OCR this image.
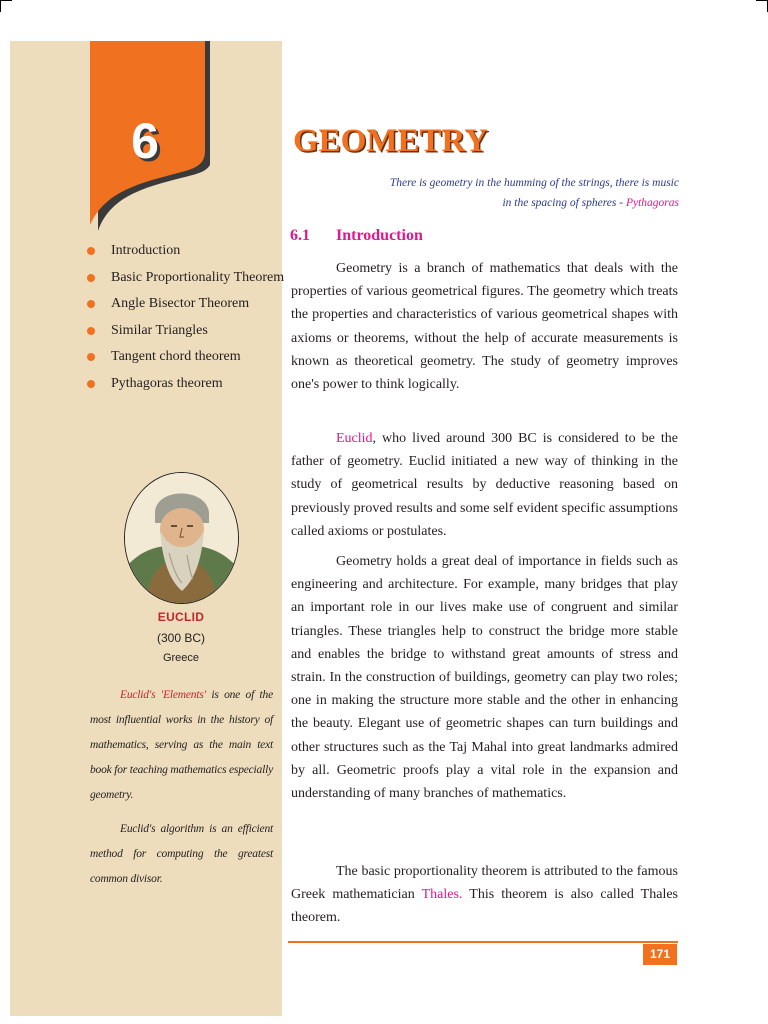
6
Introduction
Basic Proportionality Theorem
Angle Bisector Theorem
Similar Triangles
Tangent chord theorem
Pythagoras theorem
EUCLID
(300 BC)
Greece

Euclid's 'Elements' is one of the most influential works in the history of mathematics, serving as the main text book for teaching mathematics especially geometry.

Euclid's algorithm is an efficient method for computing the greatest common divisor.

GEOMETRY

There is geometry in the humming of the strings, there is music
in the spacing of spheres - Pythagoras

6.1 Introduction

Geometry is a branch of mathematics that deals with the properties of various geometrical figures. The geometry which treats the properties and characteristics of various geometrical shapes with axioms or theorems, without the help of accurate measurements is known as theoretical geometry. The study of geometry improves one's power to think logically.

Euclid, who lived around 300 BC is considered to be the father of geometry. Euclid initiated a new way of thinking in the study of geometrical results by deductive reasoning based on previously proved results and some self evident specific assumptions called axioms or postulates.

Geometry holds a great deal of importance in fields such as engineering and architecture. For example, many bridges that play an important role in our lives make use of congruent and similar triangles. These triangles help to construct the bridge more stable and enables the bridge to withstand great amounts of stress and strain. In the construction of buildings, geometry can play two roles; one in making the structure more stable and the other in enhancing the beauty. Elegant use of geometric shapes can turn buildings and other structures such as the Taj Mahal into great landmarks admired by all. Geometric proofs play a vital role in the expansion and understanding of many branches of mathematics.

The basic proportionality theorem is attributed to the famous Greek mathematician Thales. This theorem is also called Thales theorem.

171
